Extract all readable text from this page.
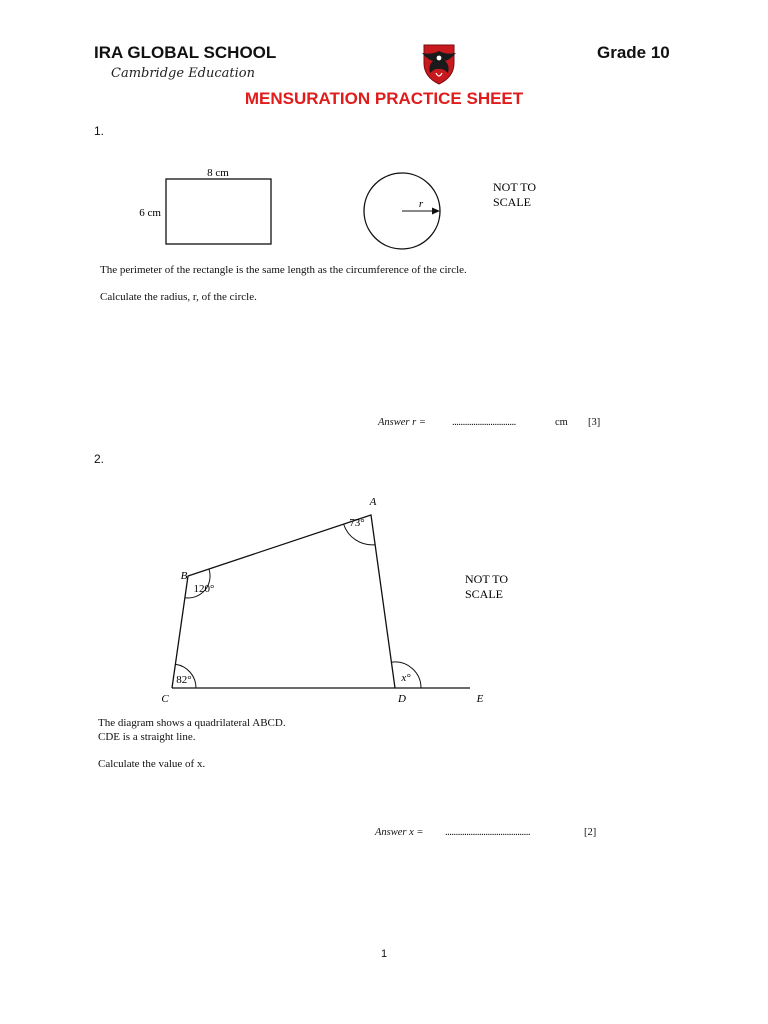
IRA GLOBAL SCHOOL
Cambridge Education
Grade 10
MENSURATION PRACTICE SHEET
1.
8 cm
6 cm
r
NOT TO
SCALE
The perimeter of the rectangle is the same length as the circumference of the circle.
Calculate the radius, r, of the circle.
Answer r = ..............................	cm [3]
2.
73°
120°
82°	x°
A
B
C	D	E
NOT TO
SCALE
The diagram shows a quadrilateral ABCD.
CDE is a straight line.
Calculate the value of x.
Answer x = ........................................	[2]
1
